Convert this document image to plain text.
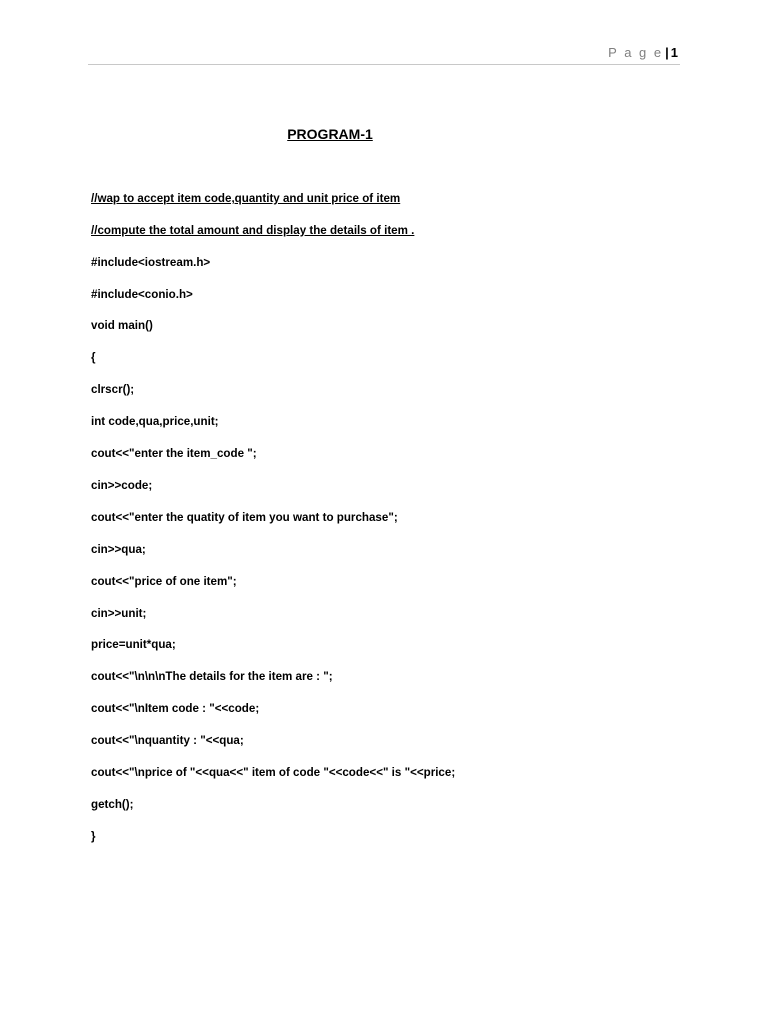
P a g e | 1
PROGRAM-1
//wap to accept item code,quantity and unit price of item
//compute the total amount and display the details of item .
#include<iostream.h>
#include<conio.h>
void main()
{
clrscr();
int code,qua,price,unit;
cout<<"enter the item_code ";
cin>>code;
cout<<"enter the quatity of item you want to purchase";
cin>>qua;
cout<<"price of one item";
cin>>unit;
price=unit*qua;
cout<<"\n\n\nThe details for the item are : ";
cout<<"\nItem code : "<<code;
cout<<"\nquantity : "<<qua;
cout<<"\nprice of "<<qua<<" item of code "<<code<<" is "<<price;
getch();
}
